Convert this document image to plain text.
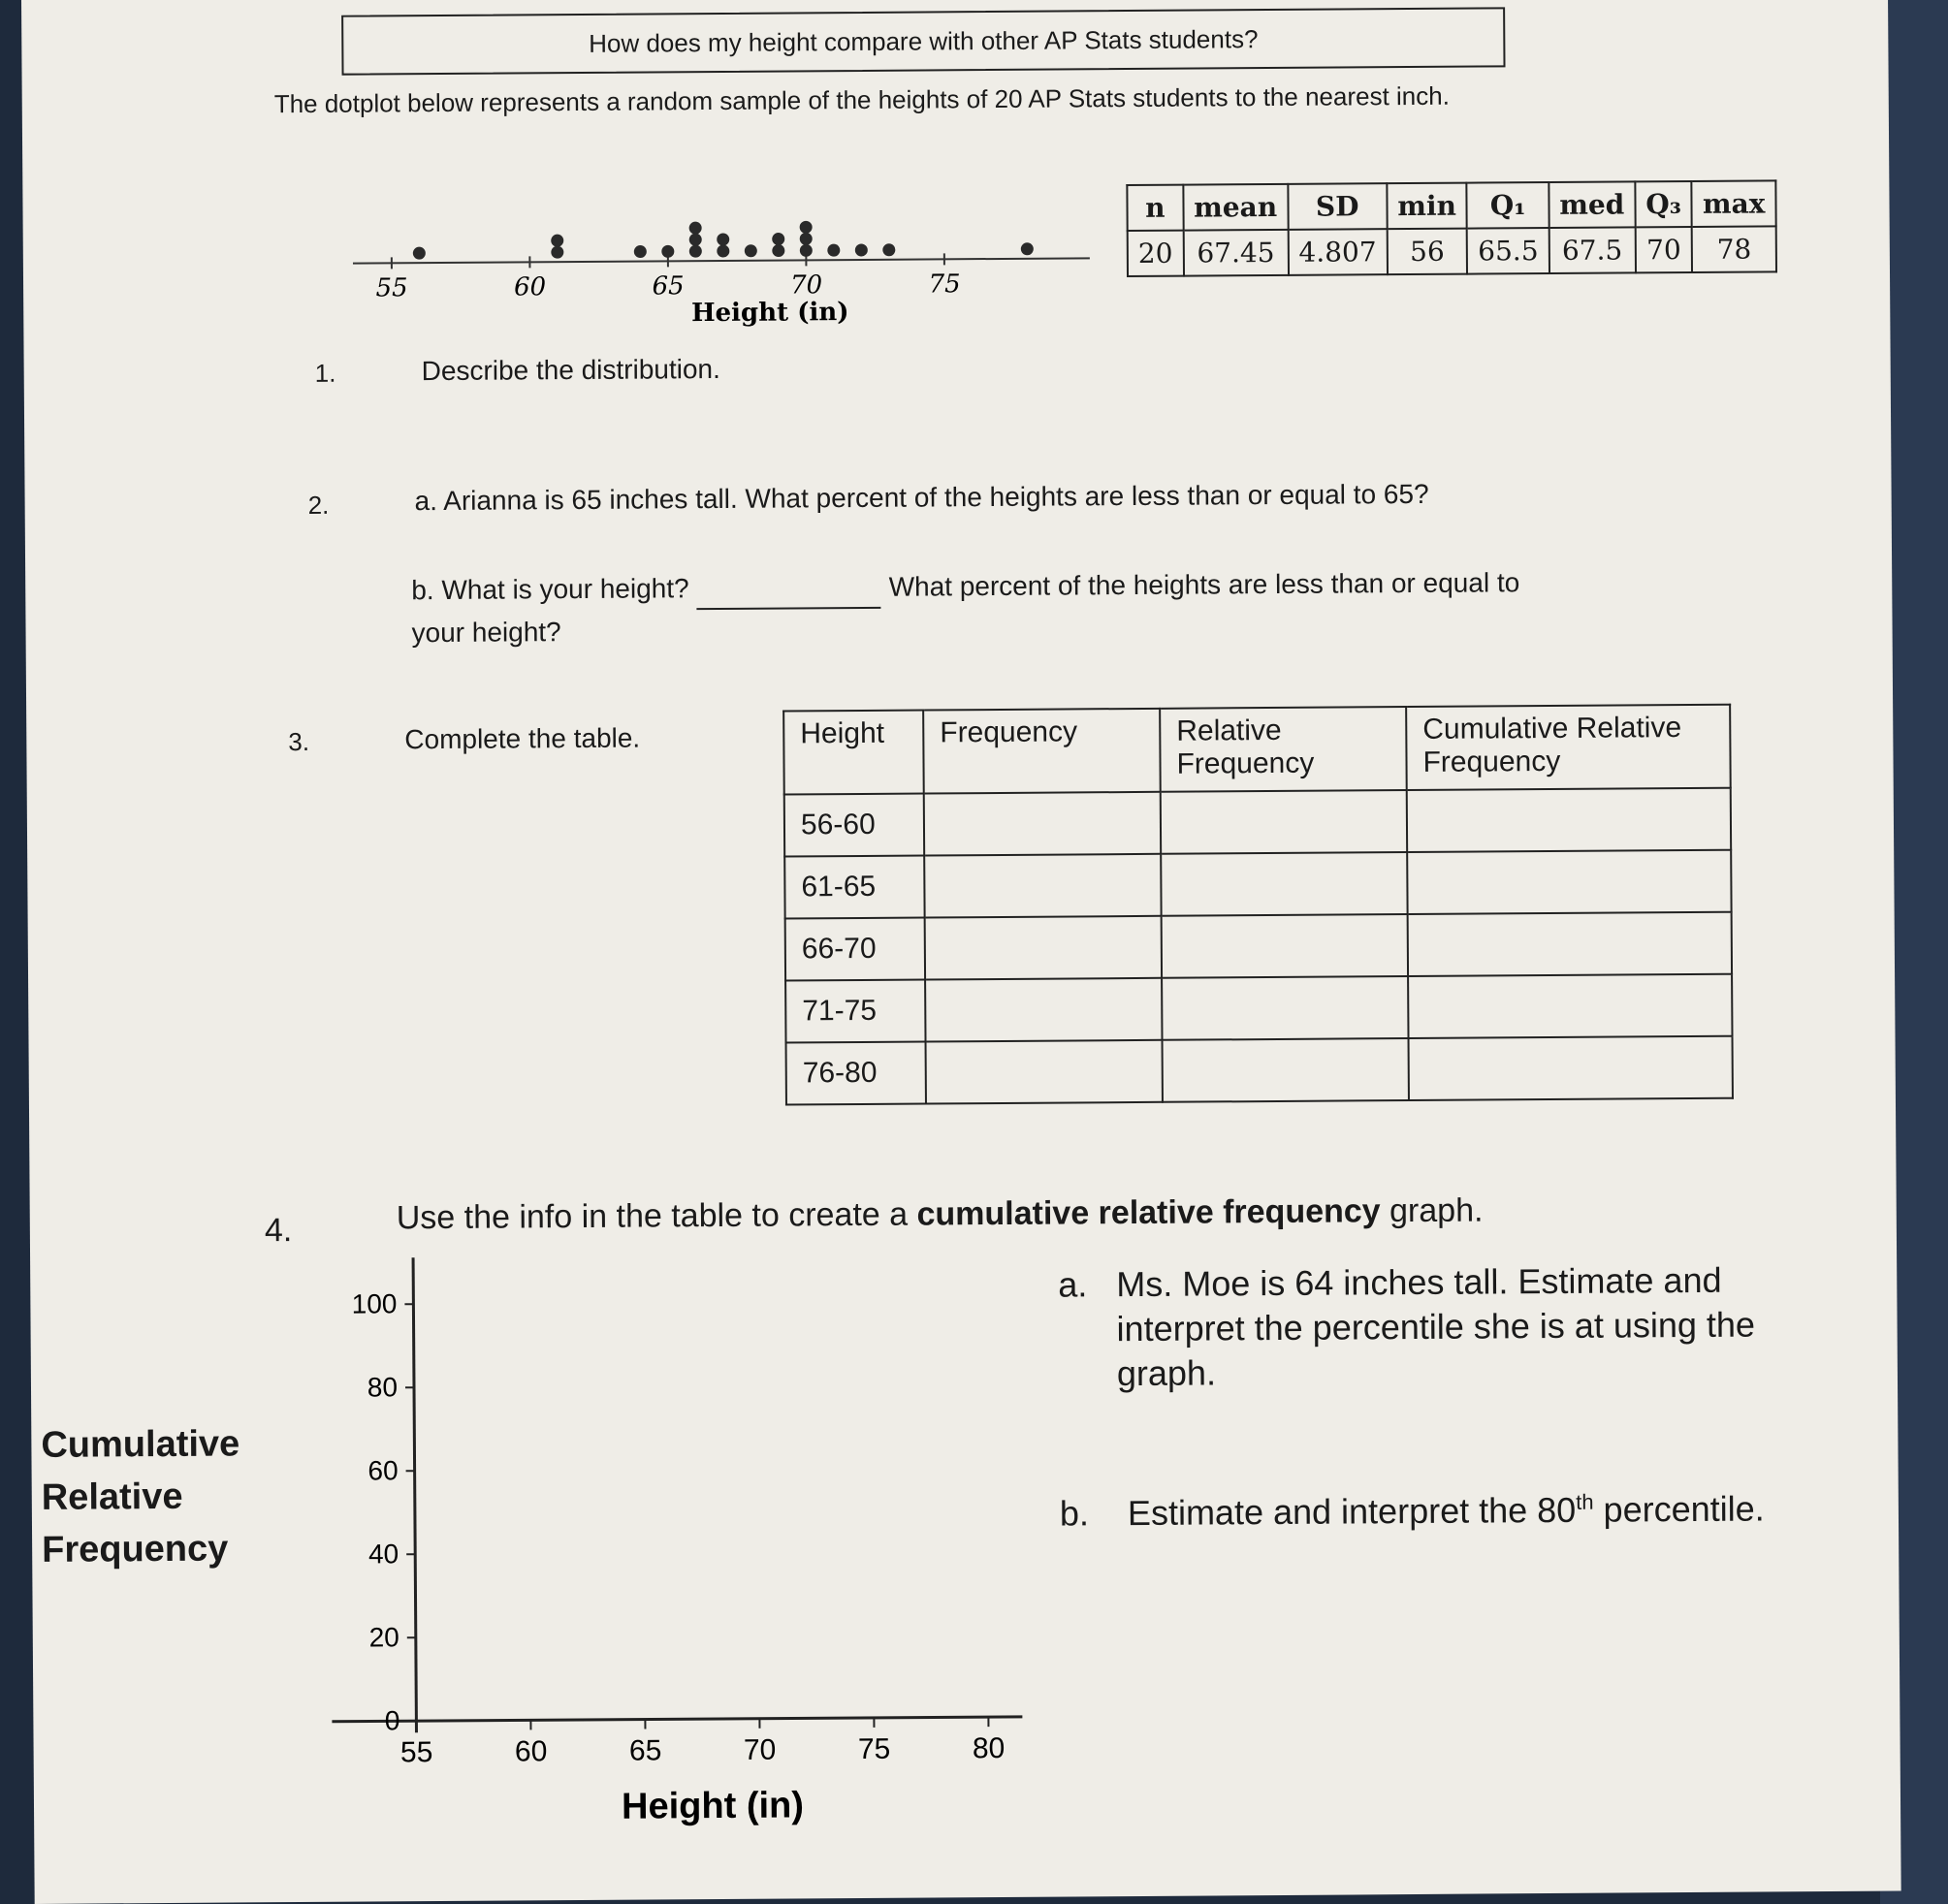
How does my height compare with other AP Stats students?
The dotplot below represents a random sample of the heights of 20 AP Stats students to the nearest inch.
55	60	65	70	75
Height (in)
n	mean	SD	min	Q₁	med	Q₃	max
20	67.45	4.807	56	65.5	67.5	70	78
1.	Describe the distribution.
2.	a. Arianna is 65 inches tall. What percent of the heights are less than or equal to 65?
b. What is your height?	What percent of the heights are less than or equal to
your height?
3.	Complete the table.	Height	Frequency	Relative Frequency	Cumulative Relative Frequency
56-60			
61-65			
66-70			
71-75			
76-80			
4.	Use the info in the table to create a cumulative relative frequency graph.
Cumulative
Relative
Frequency
0
20
40
60
80
100
55	60	65	70	75	80
Height (in)
a. Ms. Moe is 64 inches tall. Estimate and interpret the percentile she is at using the graph.
b. Estimate and interpret the 80th percentile.
